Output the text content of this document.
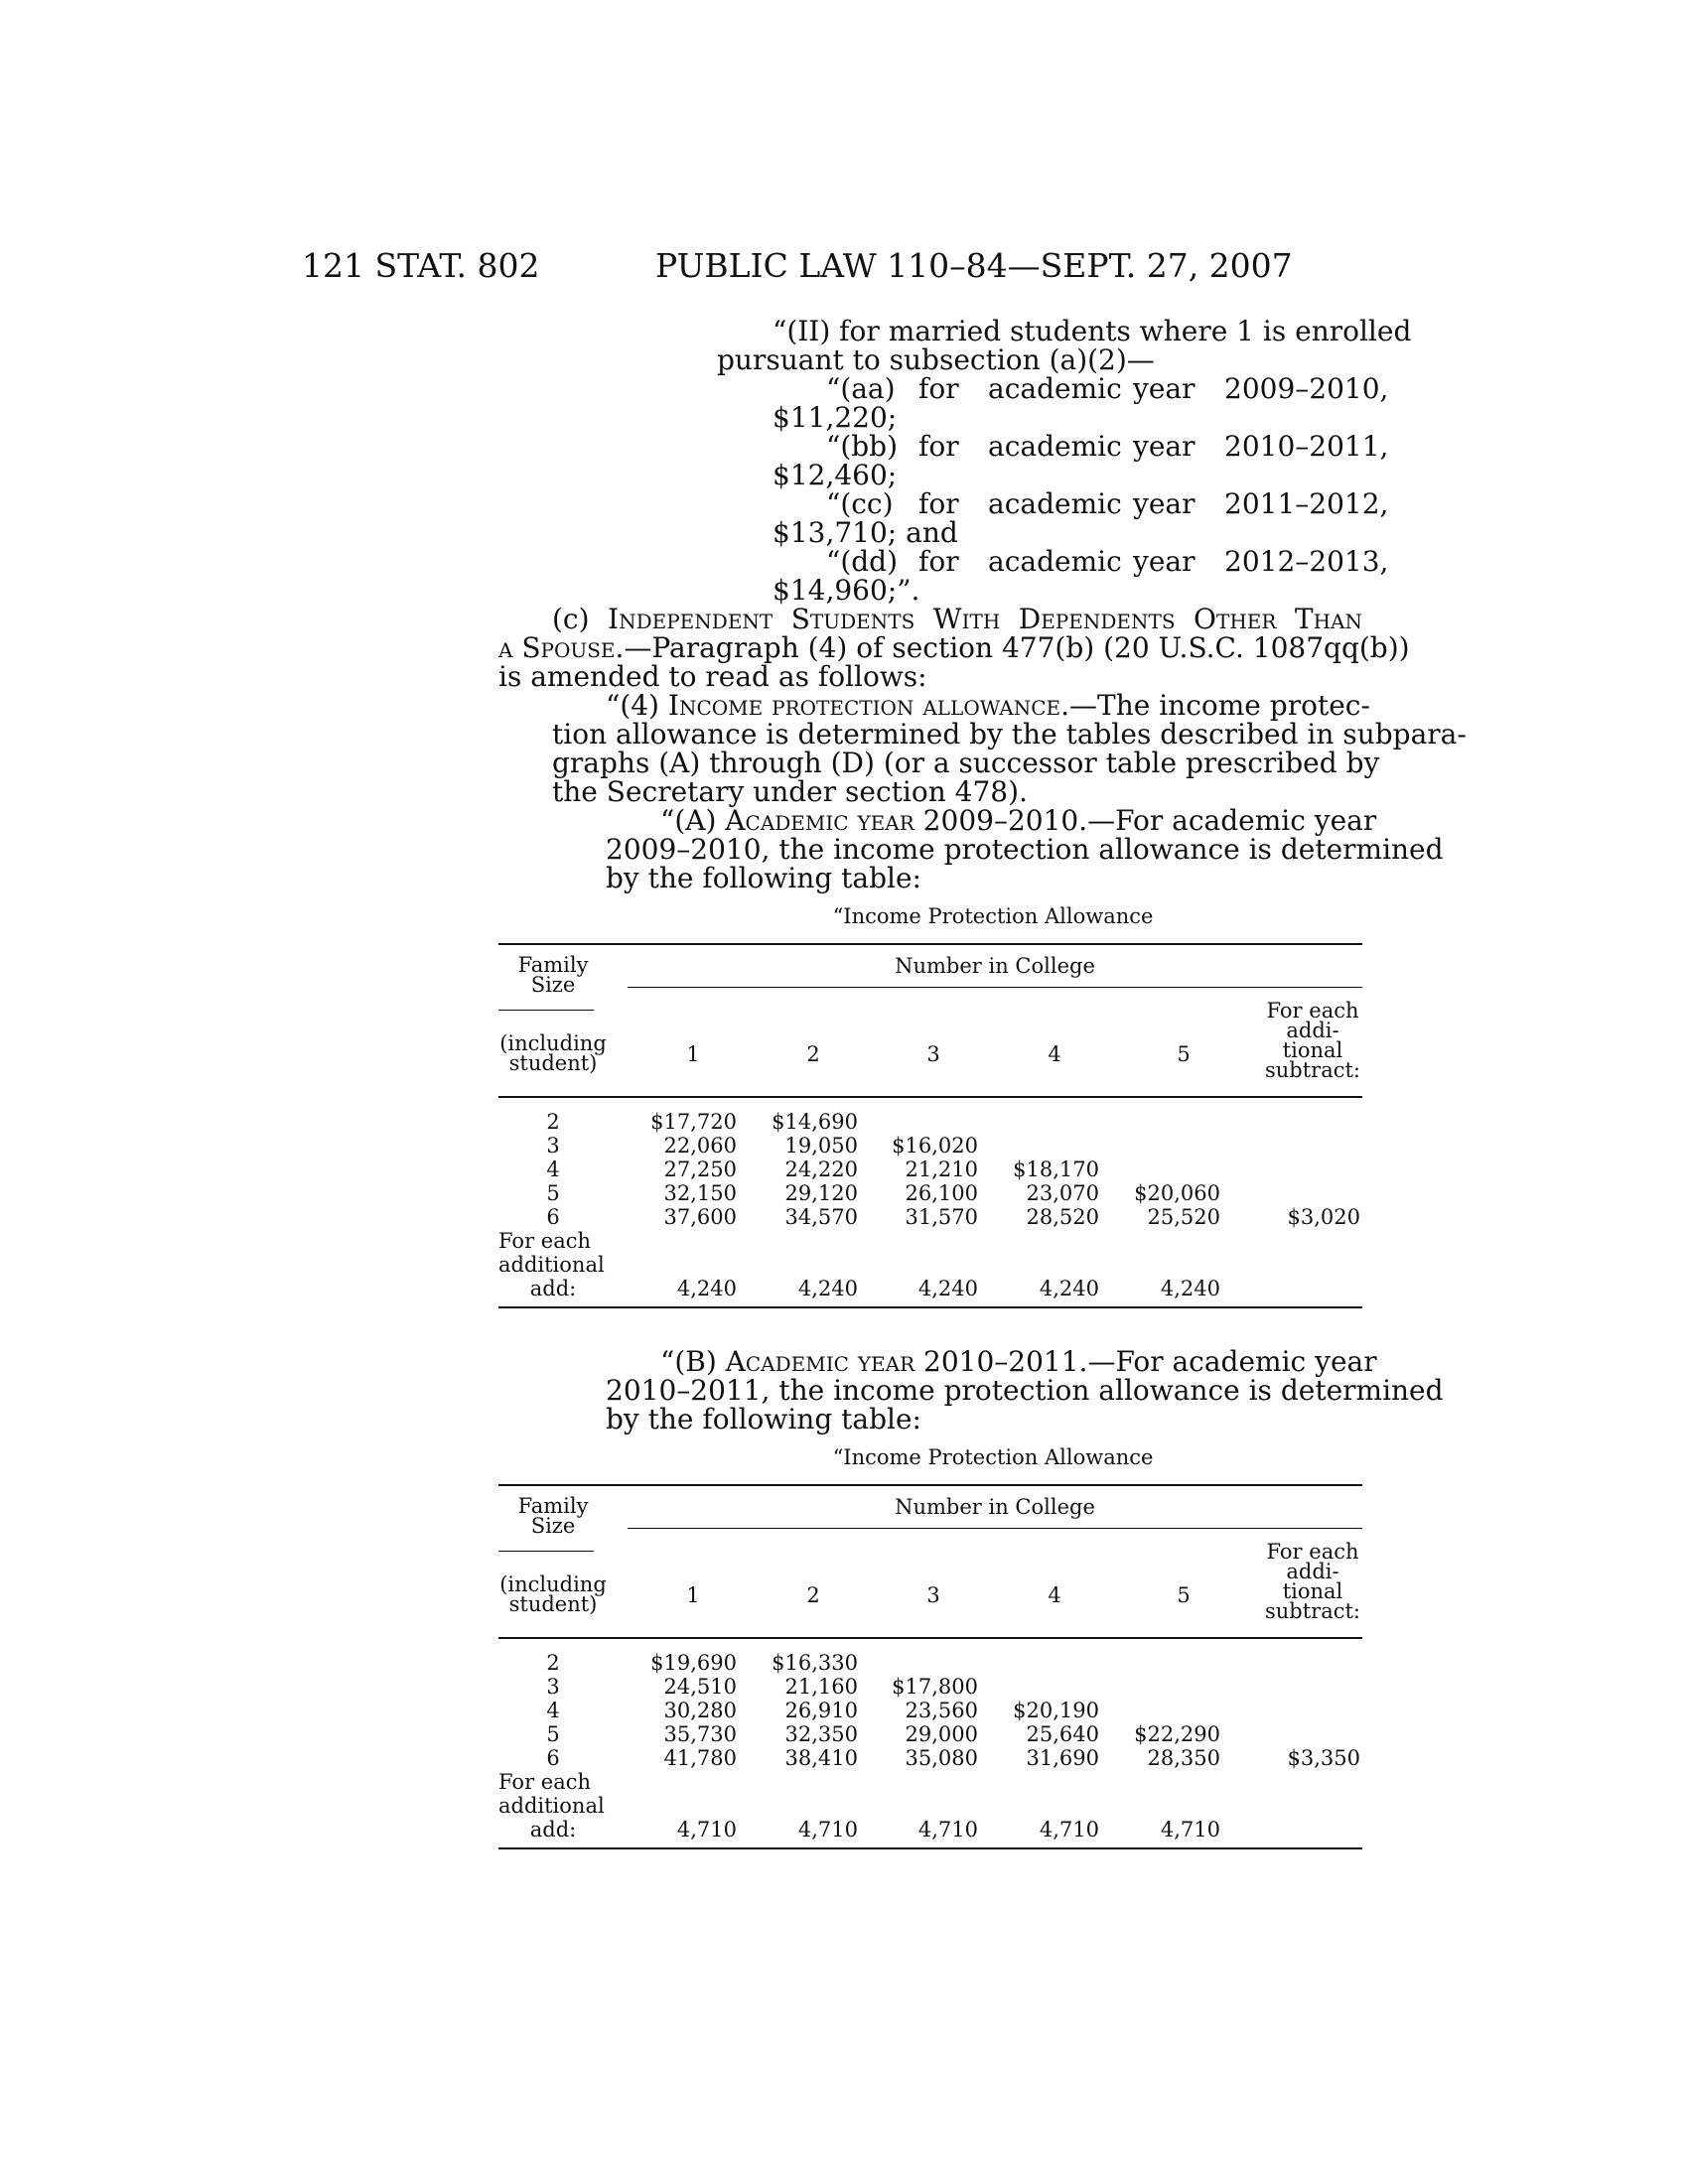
121 STAT. 802	PUBLIC LAW 110–84—SEPT. 27, 2007
“(II) for married students where 1 is enrolled
pursuant to subsection (a)(2)—
“(aa) for academic year 2009–2010,
$11,220;
“(bb) for academic year 2010–2011,
$12,460;
“(cc) for academic year 2011–2012,
$13,710; and
“(dd) for academic year 2012–2013,
$14,960;”.
(c) Independent Students With Dependents Other Than
a Spouse.—Paragraph (4) of section 477(b) (20 U.S.C. 1087qq(b))
is amended to read as follows:
“(4) Income protection allowance.—The income protec-
tion allowance is determined by the tables described in subpara-
graphs (A) through (D) (or a successor table prescribed by
the Secretary under section 478).
“(A) Academic year 2009–2010.—For academic year
2009–2010, the income protection allowance is determined
by the following table:
“Income Protection Allowance
Family
Size
Number in College
(including
student)	1	2	3	4	5
For each
addi-
tional
subtract:
2	$17,720	$14,690
3	22,060	19,050	$16,020
4	27,250	24,220	21,210	$18,170
5	32,150	29,120	26,100	23,070	$20,060
6	37,600	34,570	31,570	28,520	25,520	$3,020
For each
additional
add:	4,240	4,240	4,240	4,240	4,240
“(B) Academic year 2010–2011.—For academic year
2010–2011, the income protection allowance is determined
by the following table:
“Income Protection Allowance
Family
Size
Number in College
(including
student)	1	2	3	4	5
For each
addi-
tional
subtract:
2	$19,690	$16,330
3	24,510	21,160	$17,800
4	30,280	26,910	23,560	$20,190
5	35,730	32,350	29,000	25,640	$22,290
6	41,780	38,410	35,080	31,690	28,350	$3,350
For each
additional
add:	4,710	4,710	4,710	4,710	4,710
